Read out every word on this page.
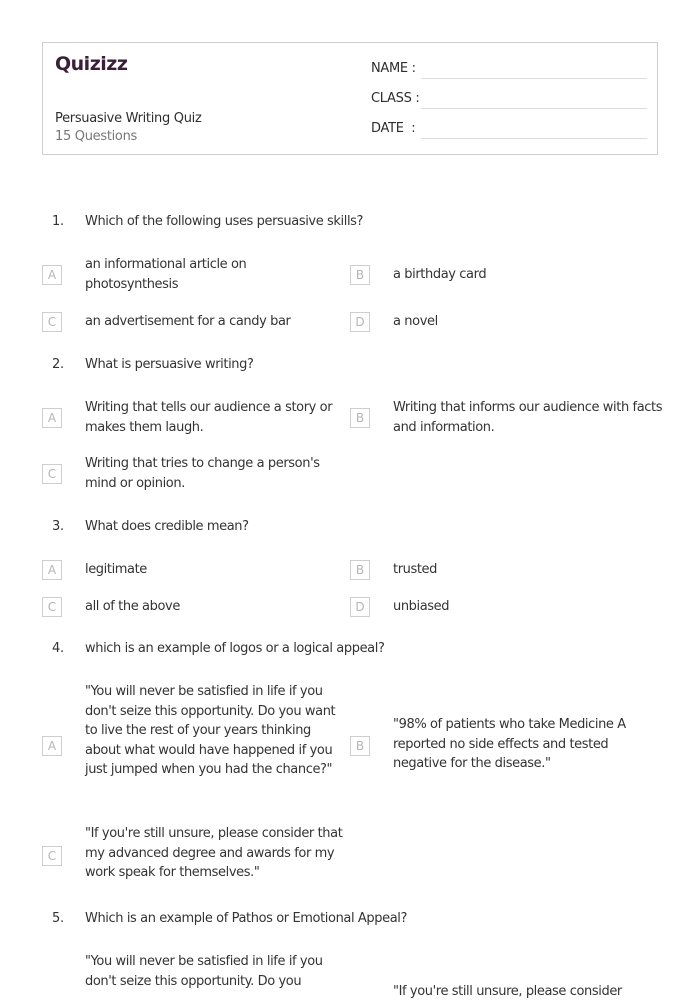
Quizizz
Persuasive Writing Quiz
15 Questions
NAME :
CLASS :
DATE  :
1. Which of the following uses persuasive skills?
A
an informational article on photosynthesis
B	a birthday card
C	an advertisement for a candy bar	D	a novel
2. What is persuasive writing?
A
Writing that tells our audience a story or makes them laugh.
B
Writing that informs our audience with facts and information.
C
Writing that tries to change a person's mind or opinion.
3. What does credible mean?
A	legitimate	B	trusted
C	all of the above	D	unbiased
4. which is an example of logos or a logical appeal?
A
"You will never be satisfied in life if you don't seize this opportunity. Do you want to live the rest of your years thinking about what would have happened if you just jumped when you had the chance?"
B
"98% of patients who take Medicine A reported no side effects and tested negative for the disease."
C
"If you're still unsure, please consider that my advanced degree and awards for my work speak for themselves."
5. Which is an example of Pathos or Emotional Appeal?
"You will never be satisfied in life if you don't seize this opportunity. Do you
"If you're still unsure, please consider
